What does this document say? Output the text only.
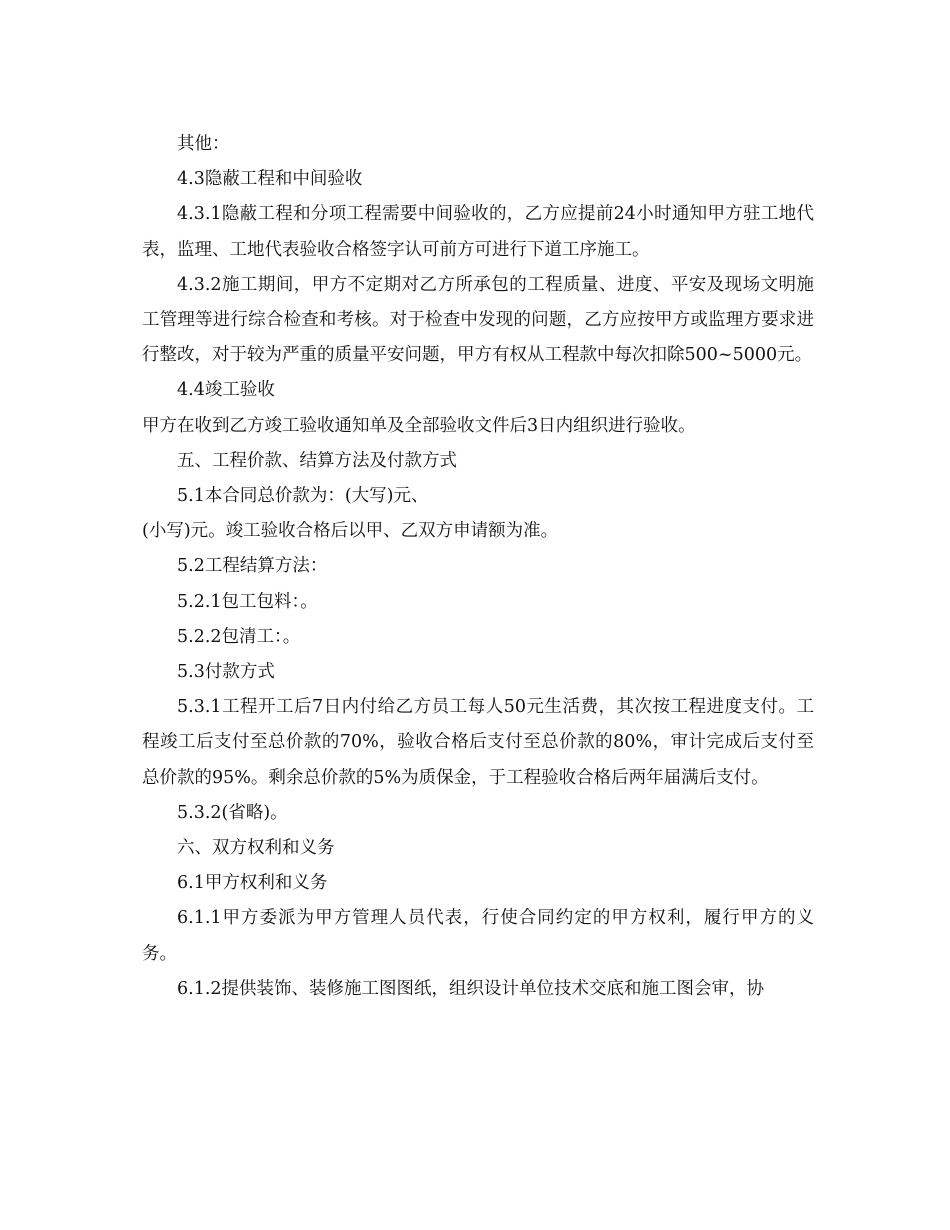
其他：

4.3隐蔽工程和中间验收

4.3.1隐蔽工程和分项工程需要中间验收的，乙方应提前24小时通知甲方驻工地代表，监理、工地代表验收合格签字认可前方可进行下道工序施工。

4.3.2施工期间，甲方不定期对乙方所承包的工程质量、进度、平安及现场文明施工管理等进行综合检查和考核。对于检查中发现的问题，乙方应按甲方或监理方要求进行整改，对于较为严重的质量平安问题，甲方有权从工程款中每次扣除500~5000元。

4.4竣工验收

甲方在收到乙方竣工验收通知单及全部验收文件后3日内组织进行验收。

五、工程价款、结算方法及付款方式

5.1本合同总价款为：(大写)元、

(小写)元。竣工验收合格后以甲、乙双方申请额为准。

5.2工程结算方法：

5.2.1包工包料：。

5.2.2包清工：。

5.3付款方式

5.3.1工程开工后7日内付给乙方员工每人50元生活费，其次按工程进度支付。工程竣工后支付至总价款的70%，验收合格后支付至总价款的80%，审计完成后支付至总价款的95%。剩余总价款的5%为质保金，于工程验收合格后两年届满后支付。

5.3.2(省略)。

六、双方权利和义务

6.1甲方权利和义务

6.1.1甲方委派为甲方管理人员代表，行使合同约定的甲方权利，履行甲方的义务。

6.1.2提供装饰、装修施工图图纸，组织设计单位技术交底和施工图会审，协
